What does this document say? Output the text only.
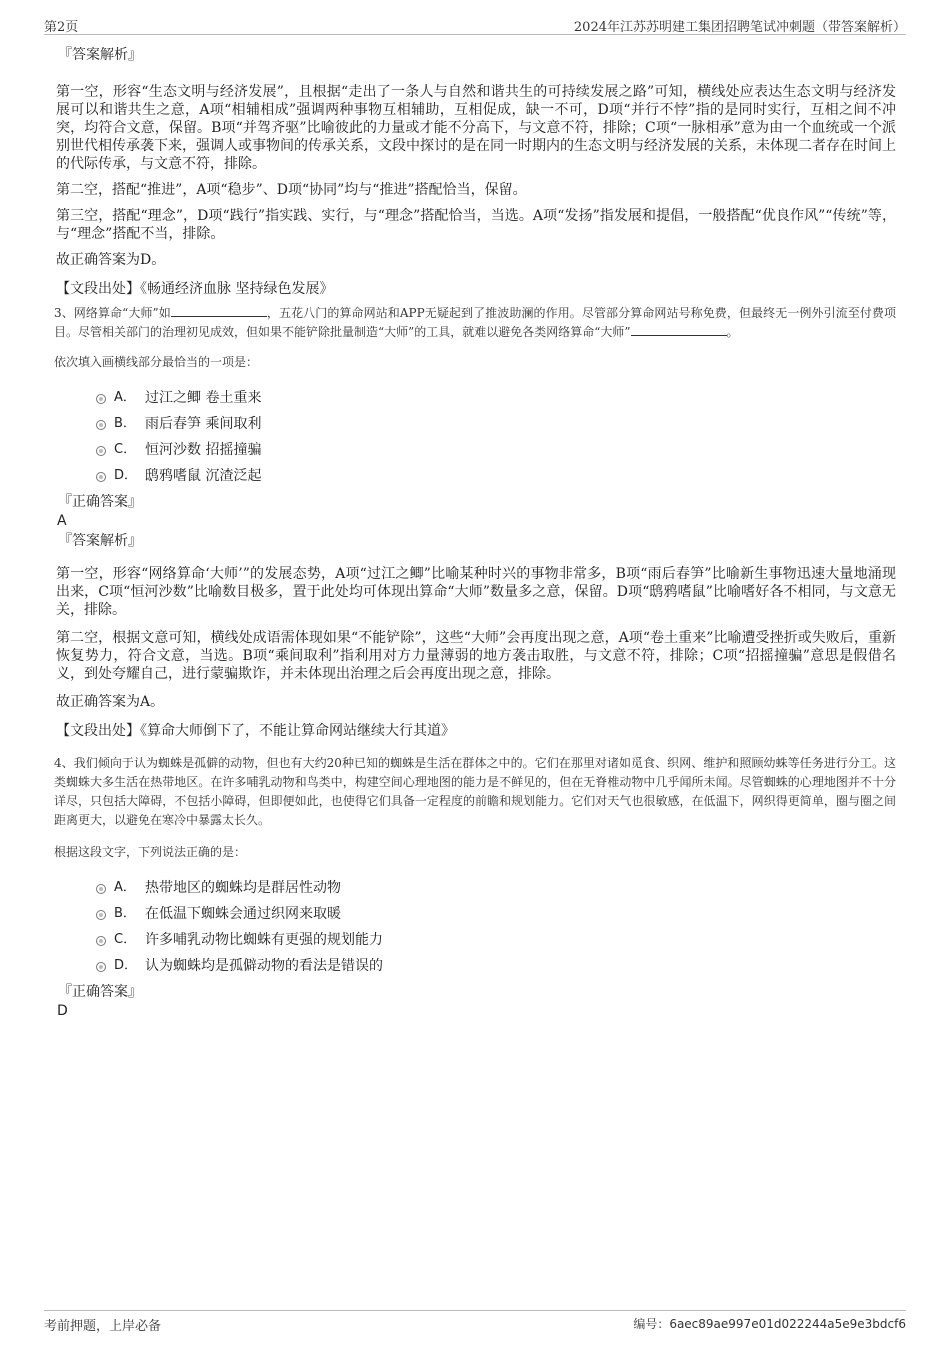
第2页	2024年江苏苏明建工集团招聘笔试冲刺题（带答案解析）

『答案解析』

第一空，形容“生态文明与经济发展”，且根据“走出了一条人与自然和谐共生的可持续发展之路”可知，横线处应表达生态文明与经济发展可以和谐共生之意，A项“相辅相成”强调两种事物互相辅助，互相促成，缺一不可，D项“并行不悖”指的是同时实行，互相之间不冲突，均符合文意，保留。B项“并驾齐驱”比喻彼此的力量或才能不分高下，与文意不符，排除；C项“一脉相承”意为由一个血统或一个派别世代相传承袭下来，强调人或事物间的传承关系，文段中探讨的是在同一时期内的生态文明与经济发展的关系，未体现二者存在时间上的代际传承，与文意不符，排除。

第二空，搭配“推进”，A项“稳步”、D项“协同”均与“推进”搭配恰当，保留。

第三空，搭配“理念”，D项“践行”指实践、实行，与“理念”搭配恰当，当选。A项“发扬”指发展和提倡，一般搭配“优良作风”“传统”等，与“理念”搭配不当，排除。

故正确答案为D。

【文段出处】《畅通经济血脉 坚持绿色发展》

3、网络算命“大师”如	，五花八门的算命网站和APP无疑起到了推波助澜的作用。尽管部分算命网站号称免费，但最终无一例外引流至付费项目。尽管相关部门的治理初见成效，但如果不能铲除批量制造“大师”的工具，就难以避免各类网络算命“大师”	。

依次填入画横线部分最恰当的一项是：

A． 过江之鲫 卷土重来
B． 雨后春笋 乘间取利
C． 恒河沙数 招摇撞骗
D． 鸱鸦嗜鼠 沉渣泛起

『正确答案』

A

『答案解析』

第一空，形容“网络算命‘大师’”的发展态势，A项“过江之鲫”比喻某种时兴的事物非常多，B项“雨后春笋”比喻新生事物迅速大量地涌现出来，C项“恒河沙数”比喻数目极多，置于此处均可体现出算命“大师”数量多之意，保留。D项“鸱鸦嗜鼠”比喻嗜好各不相同，与文意无关，排除。

第二空，根据文意可知，横线处成语需体现如果“不能铲除”，这些“大师”会再度出现之意，A项“卷土重来”比喻遭受挫折或失败后，重新恢复势力，符合文意，当选。B项“乘间取利”指利用对方力量薄弱的地方袭击取胜，与文意不符，排除；C项“招摇撞骗”意思是假借名义，到处夸耀自己，进行蒙骗欺诈，并未体现出治理之后会再度出现之意，排除。

故正确答案为A。

【文段出处】《算命大师倒下了，不能让算命网站继续大行其道》

4、我们倾向于认为蜘蛛是孤僻的动物，但也有大约20种已知的蜘蛛是生活在群体之中的。它们在那里对诸如觅食、织网、维护和照顾幼蛛等任务进行分工。这类蜘蛛大多生活在热带地区。在许多哺乳动物和鸟类中，构建空间心理地图的能力是不鲜见的，但在无脊椎动物中几乎闻所未闻。尽管蜘蛛的心理地图并不十分详尽，只包括大障碍，不包括小障碍，但即便如此，也使得它们具备一定程度的前瞻和规划能力。它们对天气也很敏感，在低温下，网织得更简单，圈与圈之间距离更大，以避免在寒冷中暴露太长久。

根据这段文字，下列说法正确的是：

A． 热带地区的蜘蛛均是群居性动物
B． 在低温下蜘蛛会通过织网来取暖
C． 许多哺乳动物比蜘蛛有更强的规划能力
D． 认为蜘蛛均是孤僻动物的看法是错误的

『正确答案』

D

考前押题，上岸必备	编号：6aec89ae997e01d022244a5e9e3bdcf6
